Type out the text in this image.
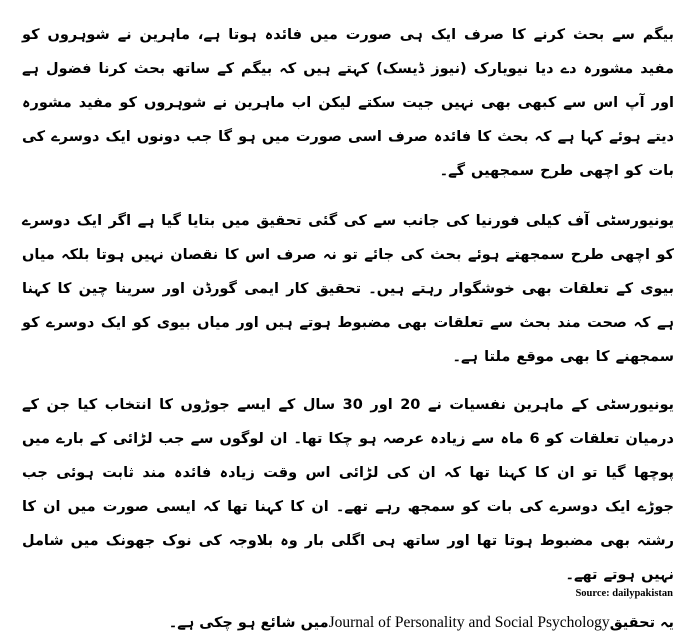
بیگم سے بحث کرنے کا صرف ایک ہی صورت میں فائدہ ہوتا ہے، ماہرین نے شوہروں کو مفید مشورہ دے دیا نیویارک (نیوز ڈیسک) کہتے ہیں کہ بیگم کے ساتھ بحث کرنا فضول ہے اور آپ اس سے کبھی بھی نہیں جیت سکتے لیکن اب ماہرین نے شوہروں کو مفید مشورہ دیتے ہوئے کہا ہے کہ بحث کا فائدہ صرف اسی صورت میں ہو گا جب دونوں ایک دوسرے کی بات کو اچھی طرح سمجھیں گے۔

یونیورسٹی آف کیلی فورنیا کی جانب سے کی گئی تحقیق میں بتایا گیا ہے اگر ایک دوسرے کو اچھی طرح سمجھتے ہوئے بحث کی جائے تو نہ صرف اس کا نقصان نہیں ہوتا بلکہ میاں بیوی کے تعلقات بھی خوشگوار رہتے ہیں۔ تحقیق کار ایمی گورڈن اور سرینا چین کا کہنا ہے کہ صحت مند بحث سے تعلقات بھی مضبوط ہوتے ہیں اور میاں بیوی کو ایک دوسرے کو سمجھنے کا بھی موقع ملتا ہے۔

یونیورسٹی کے ماہرین نفسیات نے 20 اور 30 سال کے ایسے جوڑوں کا انتخاب کیا جن کے درمیان تعلقات کو 6 ماہ سے زیادہ عرصہ ہو چکا تھا۔ ان لوگوں سے جب لڑائی کے بارے میں پوچھا گیا تو ان کا کہنا تھا کہ ان کی لڑائی اس وقت زیادہ فائدہ مند ثابت ہوئی جب جوڑے ایک دوسرے کی بات کو سمجھ رہے تھے۔ ان کا کہنا تھا کہ ایسی صورت میں ان کا رشتہ بھی مضبوط ہوتا تھا اور ساتھ ہی اگلی بار وہ بلاوجہ کی نوک جھونک میں شامل نہیں ہوتے تھے۔

یہ تحقیقJournal of Personality and Social Psychologyمیں شائع ہو چکی ہے۔

Source: dailypakistan
